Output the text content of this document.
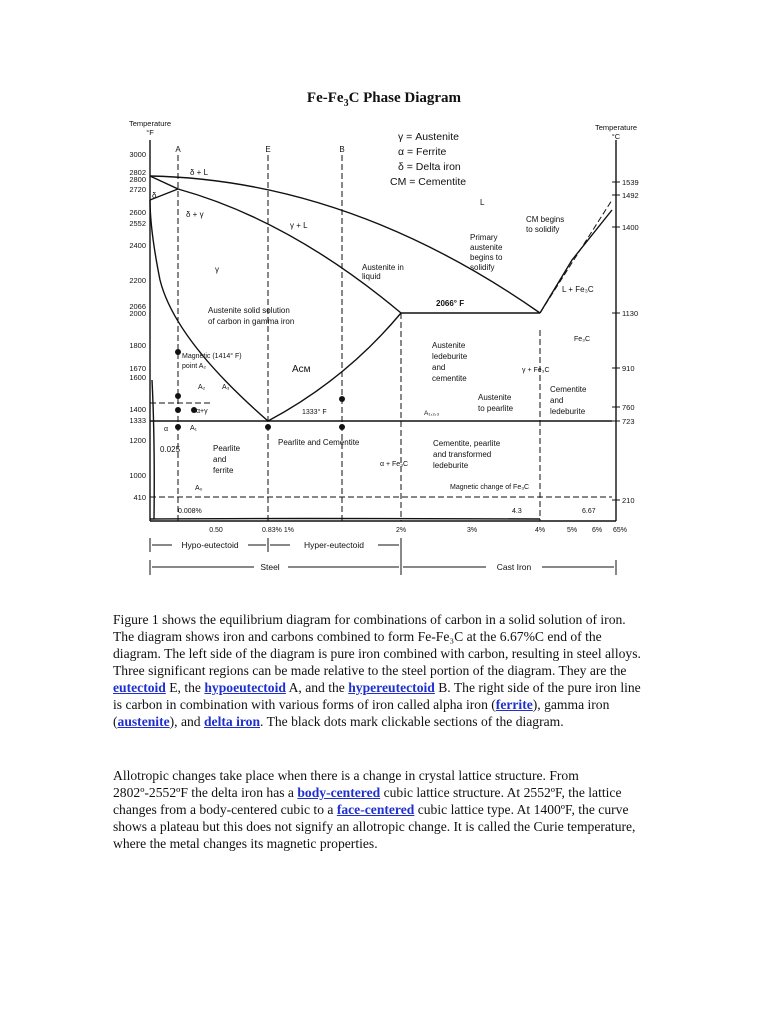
$Fe-Fe_3C$ Phase Diagram
3000
2802
2800
2720
2600
2552
2400
2200
2066
2000
1800
1670
1600
1400
1333
1200
1000
410
Temperature
°F
Temperature
°C
1539
1492
1400
1130
910
760
723
210
A	E	B
γ = Austenite
α = Ferrite
δ = Delta iron
CM = Cementite
δ + L
δ
δ + γ
γ + L
L
γ	Austenite in
liquid
Primary
austenite
begins to
solidify
CM begins
to solidify
L + Fe₃C
2066° F
Austenite solid solution
of carbon in gamma iron
Magnetic (1414° F)
point A₂	Aᴄᴍ
A₂ A₃
α+γ
α	A₁
1333° F
Austenite
ledeburite
and
cementite
γ + Fe₃C
Fe₃C
Cementite
and
ledeburite
Austenite
to pearlite
A₁,₂,₃
0.025	Pearlite
and
ferrite
Pearlite and Cementite	Cementite, pearlite
and transformed
ledeburite
α + Fe₃C
A₀	Magnetic change of Fe₃C
0.008%	4.3	6.67
0.50	0.83% 1%	2%	3%	4%	5% 6% 65%
Hypo-eutectoid	Hyper-eutectoid
Steel	Cast Iron

Figure 1 shows the equilibrium diagram for combinations of carbon in a solid solution of iron. The diagram shows iron and carbons combined to form Fe-Fe₃C at the 6.67%C end of the diagram. The left side of the diagram is pure iron combined with carbon, resulting in steel alloys. Three significant regions can be made relative to the steel portion of the diagram. They are the eutectoid E, the hypoeutectoid A, and the hypereutectoid B. The right side of the pure iron line is carbon in combination with various forms of iron called alpha iron (ferrite), gamma iron (austenite), and delta iron. The black dots mark clickable sections of the diagram.

Allotropic changes take place when there is a change in crystal lattice structure. From 2802º-2552ºF the delta iron has a body-centered cubic lattice structure. At 2552ºF, the lattice changes from a body-centered cubic to a face-centered cubic lattice type. At 1400ºF, the curve shows a plateau but this does not signify an allotropic change. It is called the Curie temperature, where the metal changes its magnetic properties.
